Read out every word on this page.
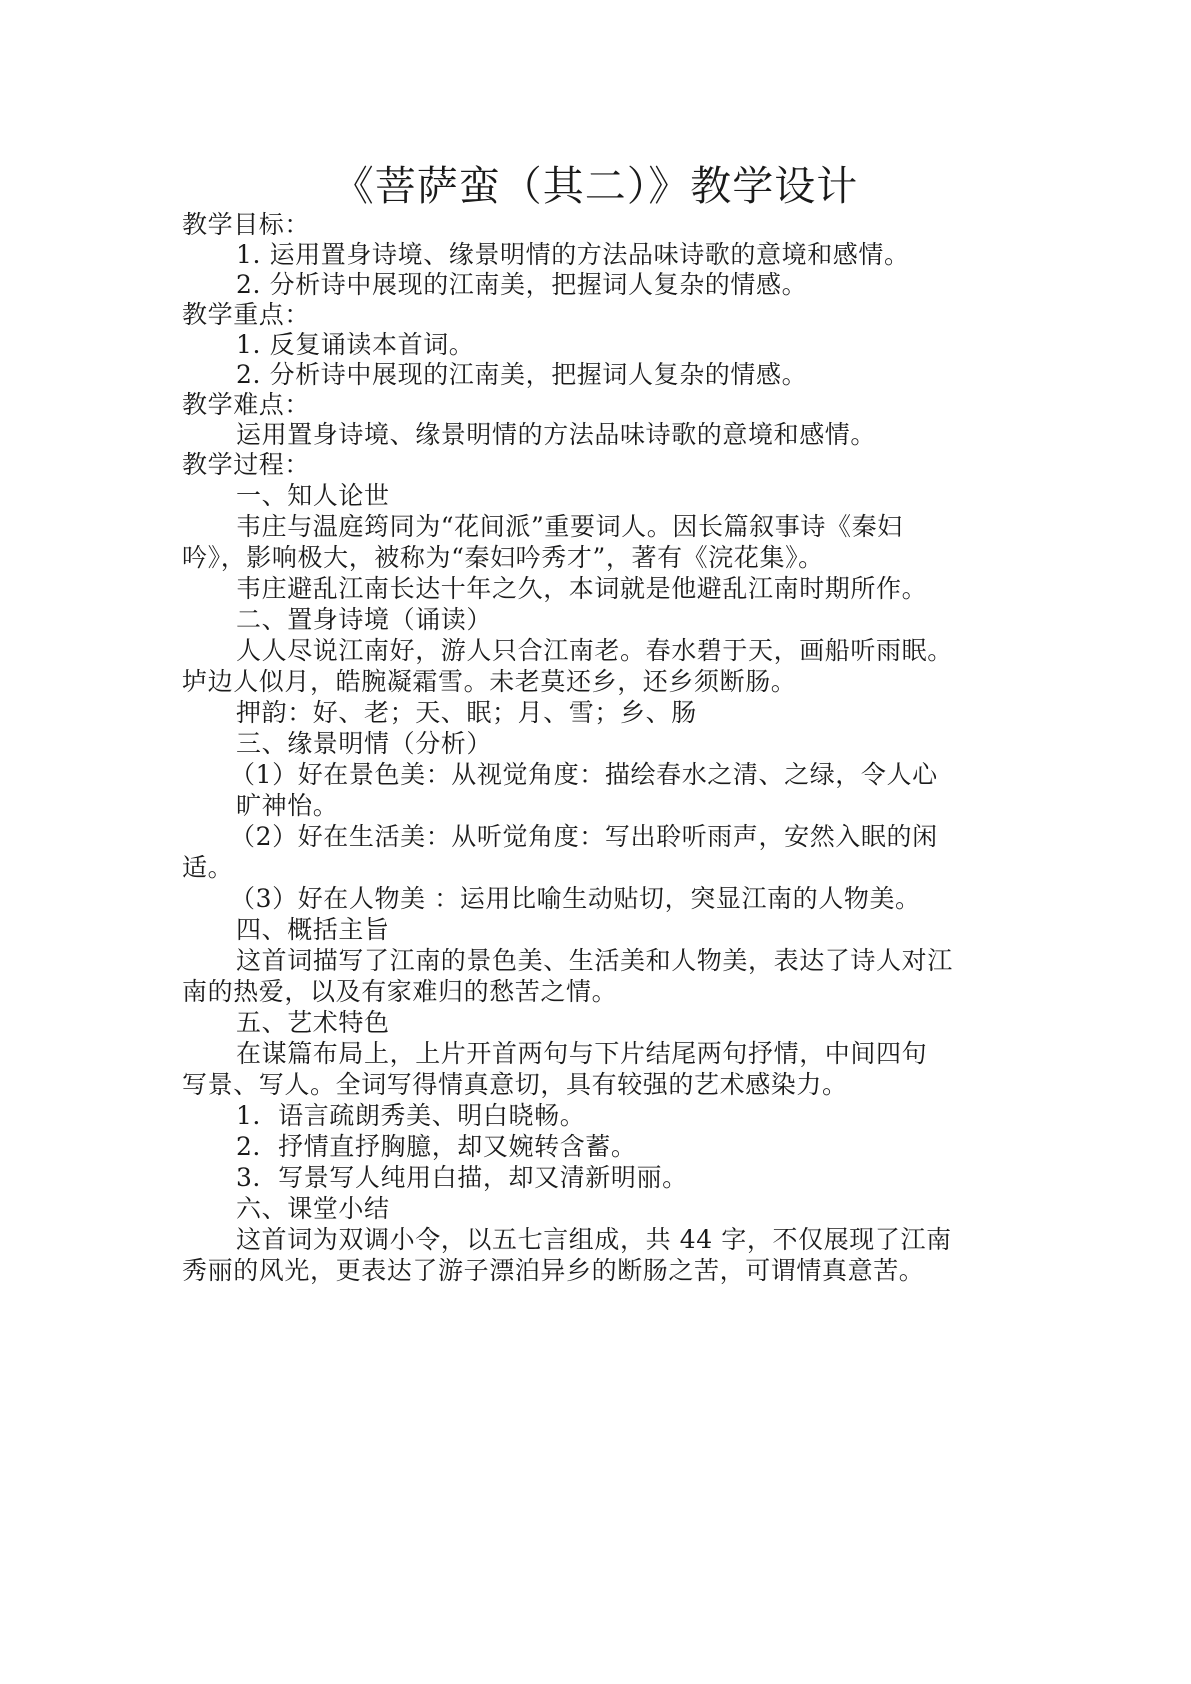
《菩萨蛮（其二）》教学设计
教学目标：
1. 运用置身诗境、缘景明情的方法品味诗歌的意境和感情。
2. 分析诗中展现的江南美，把握词人复杂的情感。
教学重点：
1. 反复诵读本首词。
2. 分析诗中展现的江南美，把握词人复杂的情感。
教学难点：
运用置身诗境、缘景明情的方法品味诗歌的意境和感情。
教学过程：
一、知人论世
韦庄与温庭筠同为“花间派”重要词人。因长篇叙事诗《秦妇
吟》，影响极大，被称为“秦妇吟秀才”，著有《浣花集》。
韦庄避乱江南长达十年之久，本词就是他避乱江南时期所作。
二、置身诗境（诵读）
人人尽说江南好，游人只合江南老。春水碧于天，画船听雨眠。
垆边人似月，皓腕凝霜雪。未老莫还乡，还乡须断肠。
押韵：好、老；天、眠；月、雪；乡、肠
三、缘景明情（分析）
（1）好在景色美：从视觉角度：描绘春水之清、之绿，令人心
旷神怡。
（2）好在生活美：从听觉角度：写出聆听雨声，安然入眠的闲
适。
（3）好在人物美 ：运用比喻生动贴切，突显江南的人物美。
四、概括主旨
这首词描写了江南的景色美、生活美和人物美，表达了诗人对江
南的热爱，以及有家难归的愁苦之情。
五、艺术特色
在谋篇布局上，上片开首两句与下片结尾两句抒情，中间四句
写景、写人。全词写得情真意切，具有较强的艺术感染力。
1．语言疏朗秀美、明白晓畅。
2．抒情直抒胸臆，却又婉转含蓄。
3．写景写人纯用白描，却又清新明丽。
六、课堂小结
这首词为双调小令，以五七言组成，共 44 字，不仅展现了江南
秀丽的风光，更表达了游子漂泊异乡的断肠之苦，可谓情真意苦。
